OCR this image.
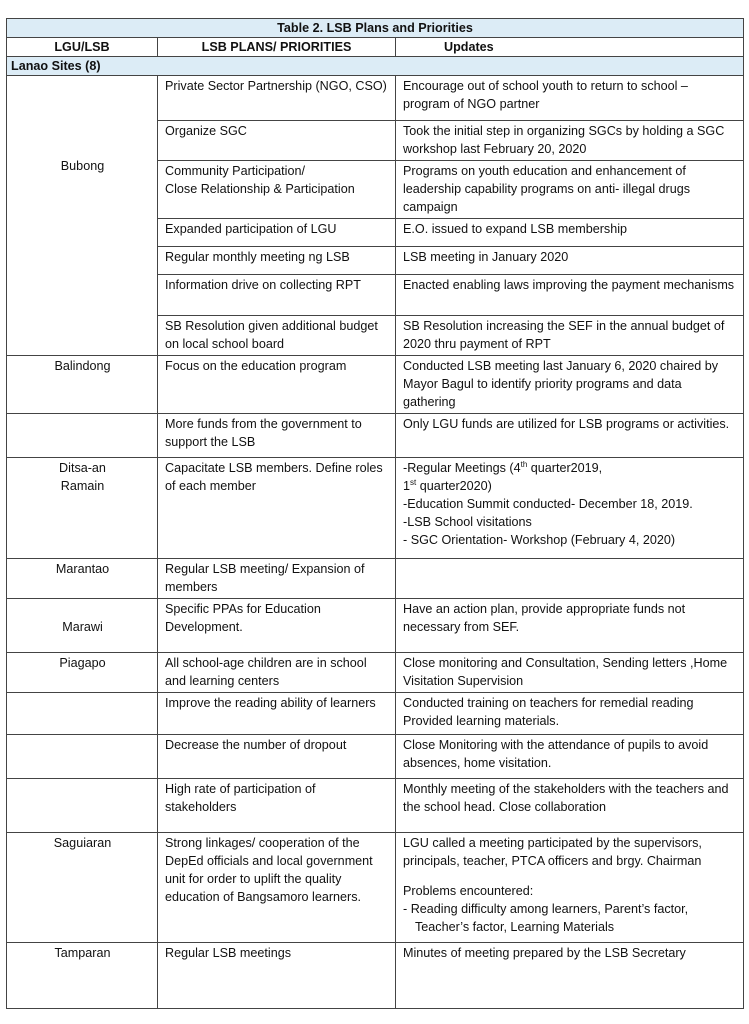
Table 2. LSB Plans and Priorities		
LGU/LSB	LSB PLANS/ PRIORITIES	Updates
Lanao Sites (8)		
Bubong	Private Sector Partnership (NGO, CSO)	Encourage out of school youth to return to school – program of NGO partner
	Organize SGC	Took the initial step in organizing SGCs by holding a SGC workshop last February 20, 2020

	Community Participation/
Close Relationship & Participation	Programs on youth education and enhancement of leadership capability programs on anti- illegal drugs campaign
	Expanded participation of LGU	E.O. issued to expand LSB membership
	Regular monthly meeting ng LSB	LSB meeting in January 2020
	Information drive on collecting RPT	Enacted enabling laws improving the payment mechanisms
	SB Resolution given additional budget on local school board	SB Resolution increasing the SEF in the annual budget of 2020 thru payment of RPT
Balindong	Focus on the education program	Conducted LSB meeting last January 6, 2020 chaired by Mayor Bagul to identify priority programs and data gathering
	More funds from the government to support the LSB	Only LGU funds are utilized for LSB programs or activities.

Ditsa-an
Ramain	Capacitate LSB members. Define roles of each member	-Regular Meetings (4th quarter2019,
1st quarter2020)
-Education Summit conducted- December 18, 2019.
-LSB School visitations
- SGC Orientation- Workshop (February 4, 2020)

Marantao	Regular LSB meeting/ Expansion of members	
Marawi	Specific PPAs for Education Development.	Have an action plan, provide appropriate funds not necessary from SEF.
Piagapo	All school-age children are in school and learning centers	Close monitoring and Consultation, Sending letters ,Home Visitation Supervision
	Improve the reading ability of learners	Conducted training on teachers for remedial reading Provided learning materials.
	Decrease the number of dropout	Close Monitoring with the attendance of pupils to avoid absences, home visitation.
	High rate of participation of stakeholders	Monthly meeting of the stakeholders with the teachers and the school head. Close collaboration
Saguiaran	Strong linkages/ cooperation of the DepEd officials and local government unit for order to uplift the quality education of Bangsamoro learners.	LGU called a meeting participated by the supervisors, principals, teacher, PTCA officers and brgy. Chairman
Problems encountered:
- Reading difficulty among learners, Parent’s factor,
Teacher’s factor, Learning Materials

Tamparan	Regular LSB meetings	Minutes of meeting prepared by the LSB Secretary
